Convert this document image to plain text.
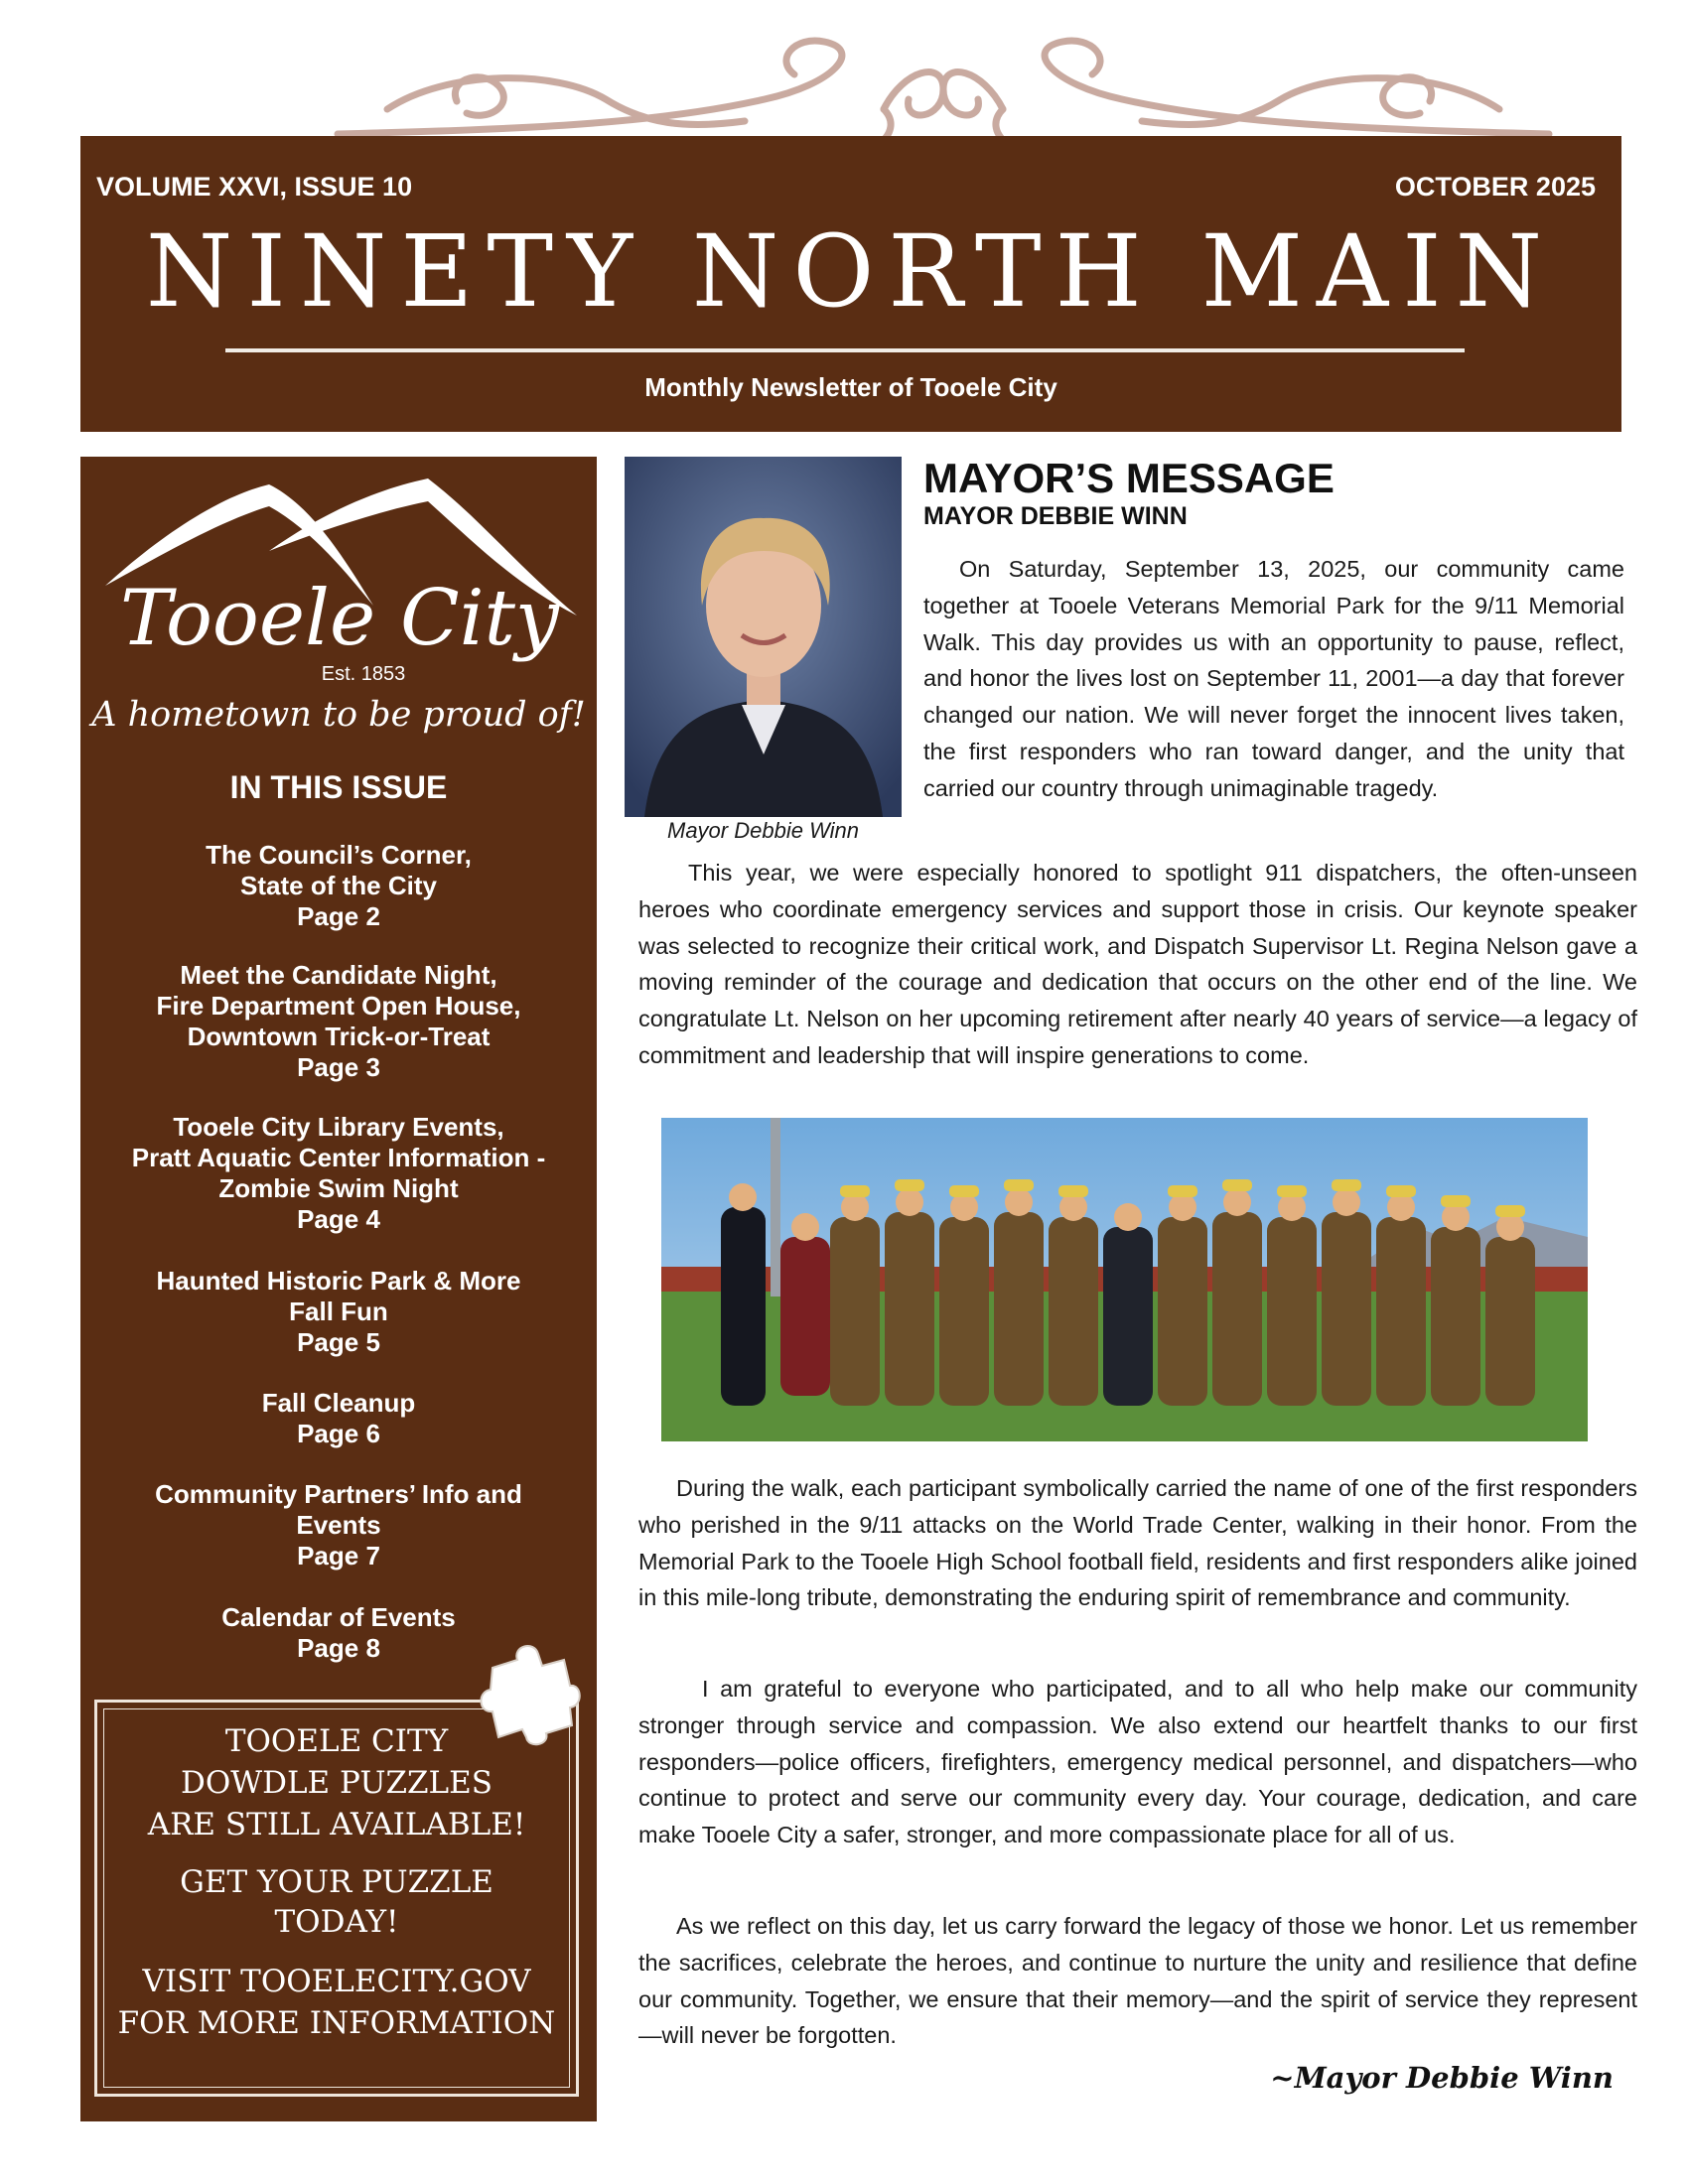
VOLUME XXVI, ISSUE 10	OCTOBER 2025
NINETY NORTH MAIN
Monthly Newsletter of Tooele City
Tooele City
Est. 1853
A hometown to be proud of!
IN THIS ISSUE
The Council’s Corner,
State of the City
Page 2
Meet the Candidate Night,
Fire Department Open House,
Downtown Trick-or-Treat
Page 3
Tooele City Library Events,
Pratt Aquatic Center Information -
Zombie Swim Night
Page 4
Haunted Historic Park & More
Fall Fun
Page 5
Fall Cleanup
Page 6
Community Partners’ Info and
Events
Page 7
Calendar of Events
Page 8
TOOELE CITY
DOWDLE PUZZLES
ARE STILL AVAILABLE!
GET YOUR PUZZLE
TODAY!
VISIT TOOELECITY.GOV
FOR MORE INFORMATION
Mayor Debbie Winn
MAYOR’S MESSAGE
MAYOR DEBBIE WINN
On Saturday, September 13, 2025, our community came together at Tooele Veterans Memorial Park for the 9/11 Memorial Walk. This day provides us with an opportunity to pause, reflect, and honor the lives lost on September 11, 2001—a day that forever changed our nation. We will never forget the innocent lives taken, the first responders who ran toward danger, and the unity that carried our country through unimaginable tragedy.
This year, we were especially honored to spotlight 911 dispatchers, the often-unseen heroes who coordinate emergency services and support those in crisis. Our keynote speaker was selected to recognize their critical work, and Dispatch Supervisor Lt. Regina Nelson gave a moving reminder of the courage and dedication that occurs on the other end of the line. We congratulate Lt. Nelson on her upcoming retirement after nearly 40 years of service—a legacy of commitment and leadership that will inspire generations to come.
During the walk, each participant symbolically carried the name of one of the first responders who perished in the 9/11 attacks on the World Trade Center, walking in their honor. From the Memorial Park to the Tooele High School football field, residents and first responders alike joined in this mile-long tribute, demonstrating the enduring spirit of remembrance and community.
I am grateful to everyone who participated, and to all who help make our community stronger through service and compassion. We also extend our heartfelt thanks to our first responders—police officers, firefighters, emergency medical personnel, and dispatchers—who continue to protect and serve our community every day. Your courage, dedication, and care make Tooele City a safer, stronger, and more compassionate place for all of us.
As we reflect on this day, let us carry forward the legacy of those we honor. Let us remember the sacrifices, celebrate the heroes, and continue to nurture the unity and resilience that define our community. Together, we ensure that their memory—and the spirit of service they represent—will never be forgotten.
~Mayor Debbie Winn
